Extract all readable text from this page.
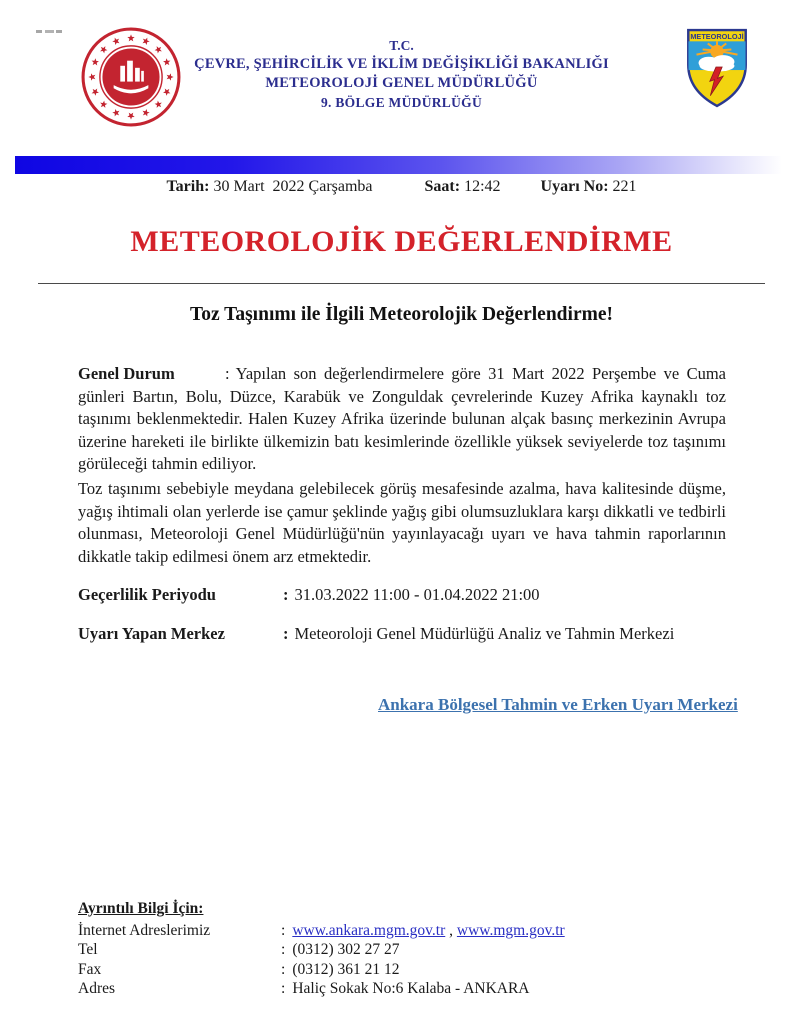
T.C.
ÇEVRE, ŞEHİRCİLİK VE İKLİM DEĞİŞİKLİĞİ BAKANLIĞI
METEOROLOJİ GENEL MÜDÜRLÜĞÜ
9. BÖLGE MÜDÜRLÜĞÜ
METEOROLOJİ
Tarih: 30 Mart  2022 Çarşamba	Saat: 12:42	Uyarı No: 221
METEOROLOJİK DEĞERLENDİRME
Toz Taşınımı ile İlgili Meteorolojik Değerlendirme!

Genel Durum	: Yapılan son değerlendirmelere göre 31 Mart 2022 Perşembe ve Cuma günleri Bartın, Bolu, Düzce, Karabük ve Zonguldak çevrelerinde Kuzey Afrika kaynaklı toz taşınımı beklenmektedir. Halen Kuzey Afrika üzerinde bulunan alçak basınç merkezinin Avrupa üzerine hareketi ile birlikte ülkemizin batı kesimlerinde özellikle yüksek seviyelerde toz taşınımı görüleceği tahmin ediliyor.

Toz taşınımı sebebiyle meydana gelebilecek görüş mesafesinde azalma, hava kalitesinde düşme, yağış ihtimali olan yerlerde ise çamur şeklinde yağış gibi olumsuzluklara karşı dikkatli ve tedbirli olunması, Meteoroloji Genel Müdürlüğü'nün yayınlayacağı uyarı ve hava tahmin raporlarının dikkatle takip edilmesi önem arz etmektedir.

Geçerlilik Periyodu	: 31.03.2022 11:00 - 01.04.2022 21:00
Uyarı Yapan Merkez	: Meteoroloji Genel Müdürlüğü Analiz ve Tahmin Merkezi
Ankara Bölgesel Tahmin ve Erken Uyarı Merkezi
Ayrıntılı Bilgi İçin:
İnternet Adreslerimiz	: www.ankara.mgm.gov.tr , www.mgm.gov.tr
Tel	: (0312) 302 27 27
Fax	: (0312) 361 21 12
Adres	: Haliç Sokak No:6 Kalaba - ANKARA
